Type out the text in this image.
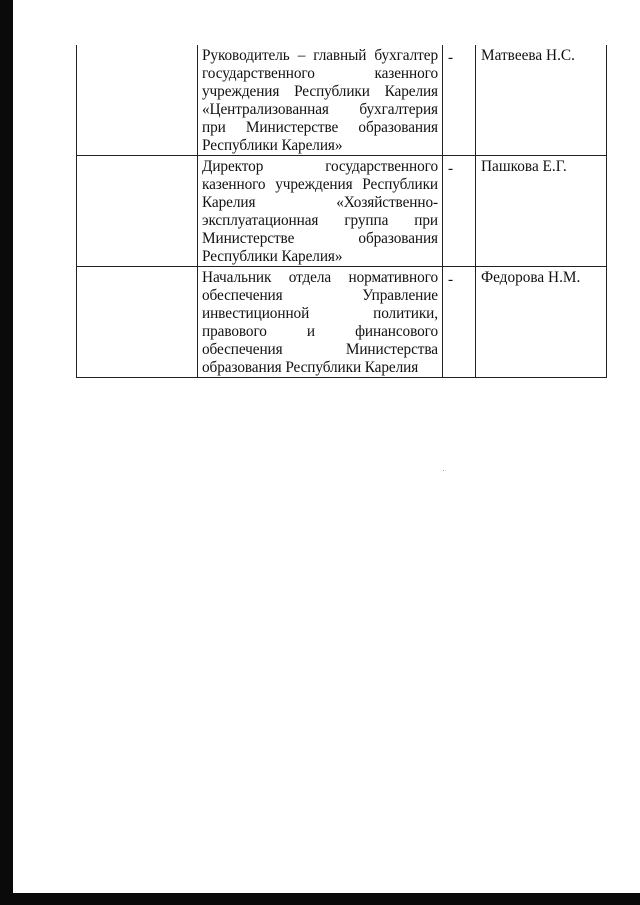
	Руководитель – главный бухгалтер государственного казенного учреждения Республики Карелия «Централизованная бухгалтерия при Министерстве образования Республики Карелия»	-	Матвеева Н.С.

	Директор государственного казенного учреждения Республики Карелия «Хозяйственно-эксплуатационная группа при Министерстве образования Республики Карелия»	-	Пашкова Е.Г.

	Начальник отдела нормативного обеспечения Управление инвестиционной политики, правового и финансового обеспечения Министерства образования Республики Карелия	-	Федорова Н.М.
